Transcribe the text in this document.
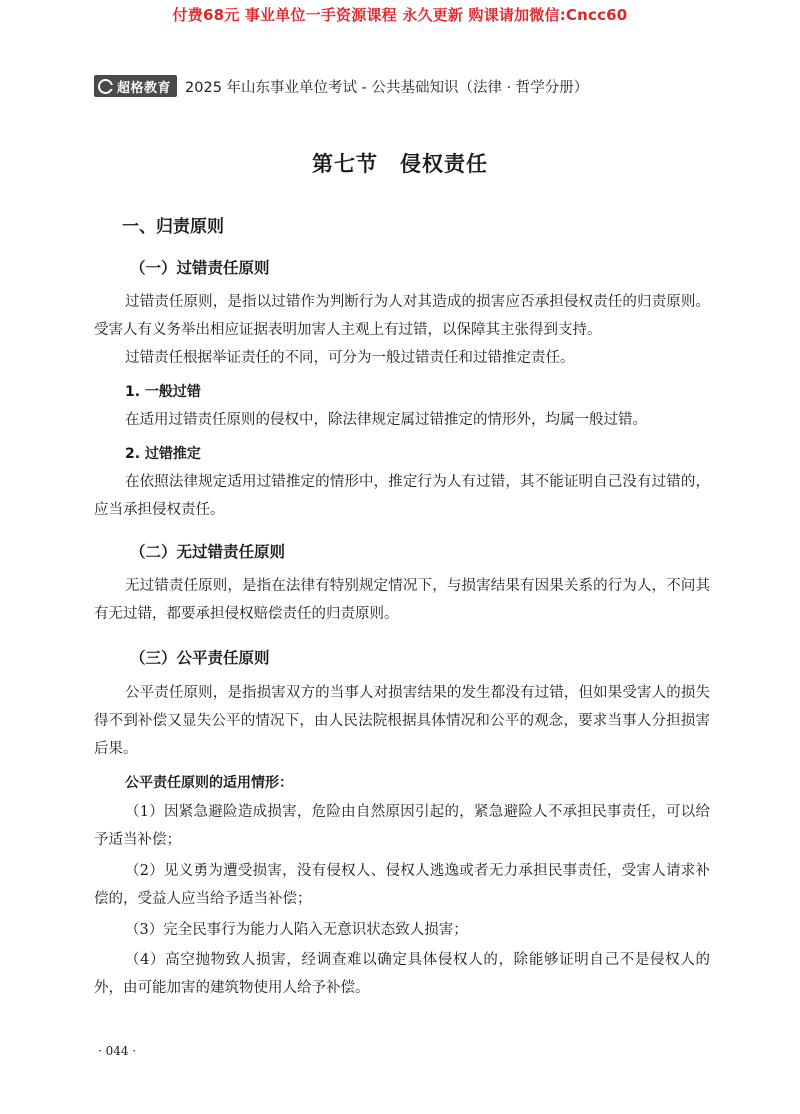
付费68元 事业单位一手资源课程 永久更新 购课请加微信:Cncc60
超格教育 2025 年山东事业单位考试 - 公共基础知识（法律 · 哲学分册）
第七节　侵权责任
一、归责原则
（一）过错责任原则

过错责任原则，是指以过错作为判断行为人对其造成的损害应否承担侵权责任的归责原则。受害人有义务举出相应证据表明加害人主观上有过错，以保障其主张得到支持。

过错责任根据举证责任的不同，可分为一般过错责任和过错推定责任。

1. 一般过错

在适用过错责任原则的侵权中，除法律规定属过错推定的情形外，均属一般过错。

2. 过错推定

在依照法律规定适用过错推定的情形中，推定行为人有过错，其不能证明自己没有过错的，应当承担侵权责任。

（二）无过错责任原则

无过错责任原则，是指在法律有特别规定情况下，与损害结果有因果关系的行为人，不问其有无过错，都要承担侵权赔偿责任的归责原则。

（三）公平责任原则

公平责任原则，是指损害双方的当事人对损害结果的发生都没有过错，但如果受害人的损失得不到补偿又显失公平的情况下，由人民法院根据具体情况和公平的观念，要求当事人分担损害后果。

公平责任原则的适用情形：

（1）因紧急避险造成损害，危险由自然原因引起的，紧急避险人不承担民事责任，可以给予适当补偿；

（2）见义勇为遭受损害，没有侵权人、侵权人逃逸或者无力承担民事责任，受害人请求补偿的，受益人应当给予适当补偿；

（3）完全民事行为能力人陷入无意识状态致人损害；

（4）高空抛物致人损害，经调查难以确定具体侵权人的，除能够证明自己不是侵权人的外，由可能加害的建筑物使用人给予补偿。

· 044 ·
